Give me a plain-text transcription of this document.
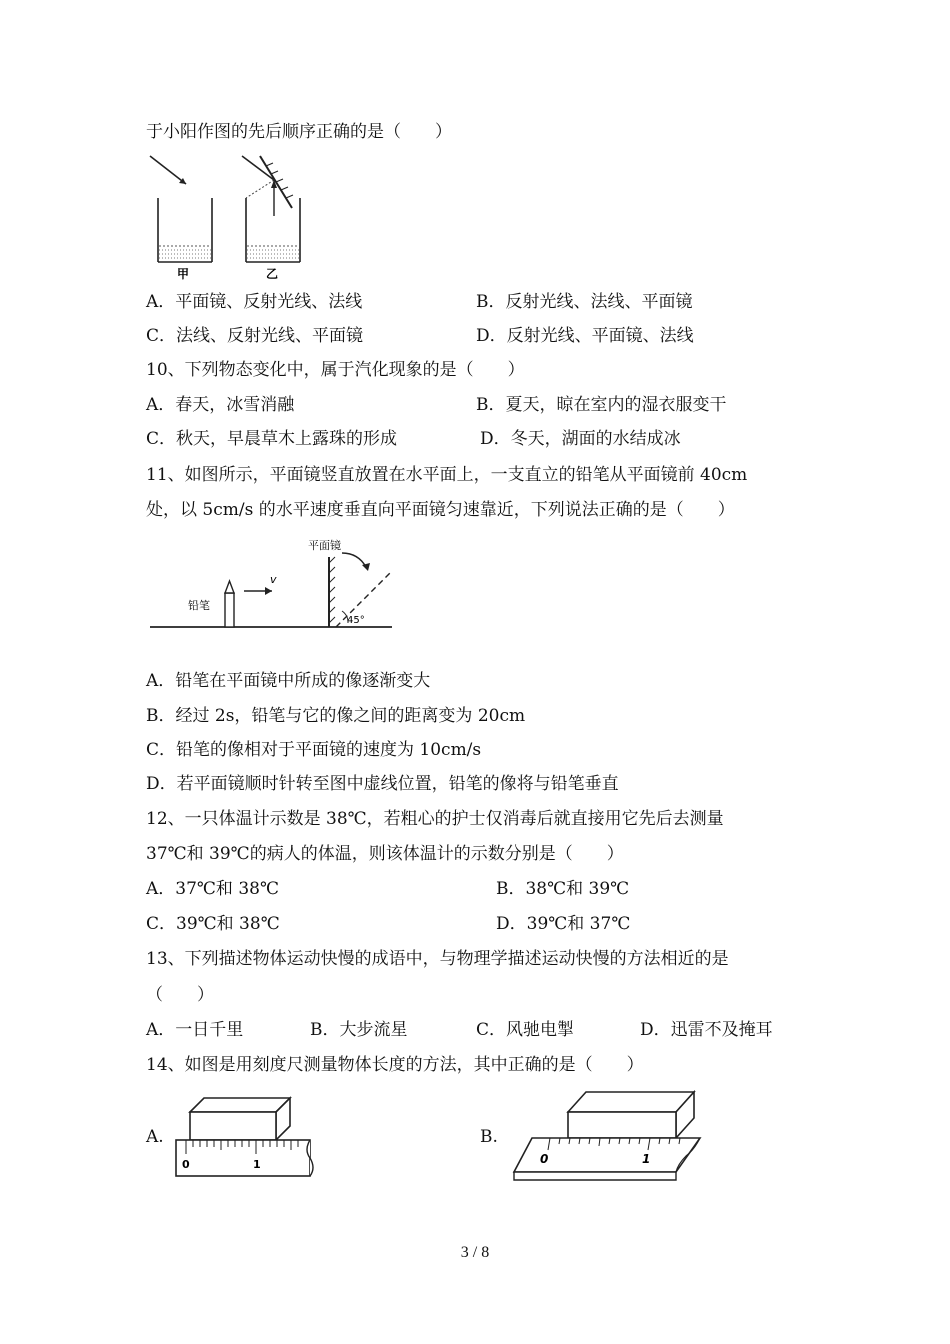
于小阳作图的先后顺序正确的是（　　）
甲	乙
A．平面镜、反射光线、法线	B．反射光线、法线、平面镜
C．法线、反射光线、平面镜	D．反射光线、平面镜、法线
10、下列物态变化中，属于汽化现象的是（　　）
A．春天，冰雪消融	B．夏天，晾在室内的湿衣服变干
C．秋天，早晨草木上露珠的形成	D．冬天，湖面的水结成冰
11、如图所示，平面镜竖直放置在水平面上，一支直立的铅笔从平面镜前 40cm
处，以 5cm/s 的水平速度垂直向平面镜匀速靠近，下列说法正确的是（　　）
铅笔
v
平面镜
45°
A．铅笔在平面镜中所成的像逐渐变大
B．经过 2s，铅笔与它的像之间的距离变为 20cm
C．铅笔的像相对于平面镜的速度为 10cm/s
D．若平面镜顺时针转至图中虚线位置，铅笔的像将与铅笔垂直
12、一只体温计示数是 38℃，若粗心的护士仅消毒后就直接用它先后去测量
37℃和 39℃的病人的体温，则该体温计的示数分别是（　　）
A．37℃和 38℃	B．38℃和 39℃
C．39℃和 38℃	D．39℃和 37℃
13、下列描述物体运动快慢的成语中，与物理学描述运动快慢的方法相近的是
（　　）
A．一日千里	B．大步流星	C．风驰电掣	D．迅雷不及掩耳
14、如图是用刻度尺测量物体长度的方法，其中正确的是（　　）
A.
0	1
B.
0	1
3 / 8
